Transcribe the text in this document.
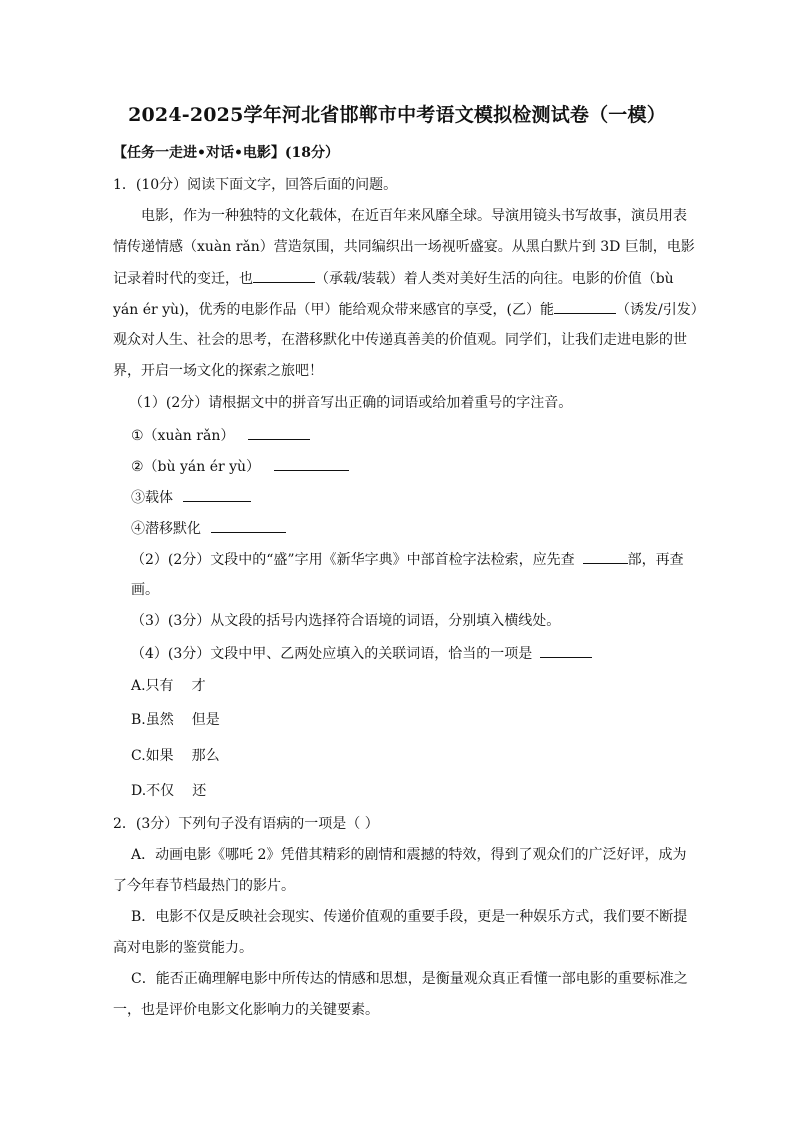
2024-2025学年河北省邯郸市中考语文模拟检测试卷（一模）
【任务一走进•对话•电影】(18分）
1．(10分）阅读下面文字，回答后面的问题。
电影，作为一种独特的文化载体，在近百年来风靡全球。导演用镜头书写故事，演员用表
情传递情感（xuàn rǎn）营造氛围，共同编织出一场视听盛宴。从黑白默片到 3D 巨制，电影
记录着时代的变迁，也	（承载/装载）着人类对美好生活的向往。电影的价值（bù
yán ér yù)，优秀的电影作品（甲）能给观众带来感官的享受，(乙）能	（诱发/引发）
观众对人生、社会的思考，在潜移默化中传递真善美的价值观。同学们，让我们走进电影的世
界，开启一场文化的探索之旅吧！
（1）(2分）请根据文中的拼音写出正确的词语或给加着重号的字注音。
①（xuàn rǎn）
②（bù yán ér yù）
③载体
④潜移默化
（2）(2分）文段中的“盛”字用《新华字典》中部首检字法检索，应先查	部，再查
画。
（3）(3分）从文段的括号内选择符合语境的词语，分别填入横线处。
（4）(3分）文段中甲、乙两处应填入的关联词语，恰当的一项是
A.只有 才
B.虽然 但是
C.如果 那么
D.不仅 还
2．(3分）下列句子没有语病的一项是（ ）
A．动画电影《哪吒 2》凭借其精彩的剧情和震撼的特效，得到了观众们的广泛好评，成为
了今年春节档最热门的影片。
B．电影不仅是反映社会现实、传递价值观的重要手段，更是一种娱乐方式，我们要不断提
高对电影的鉴赏能力。
C．能否正确理解电影中所传达的情感和思想，是衡量观众真正看懂一部电影的重要标准之
一，也是评价电影文化影响力的关键要素。
